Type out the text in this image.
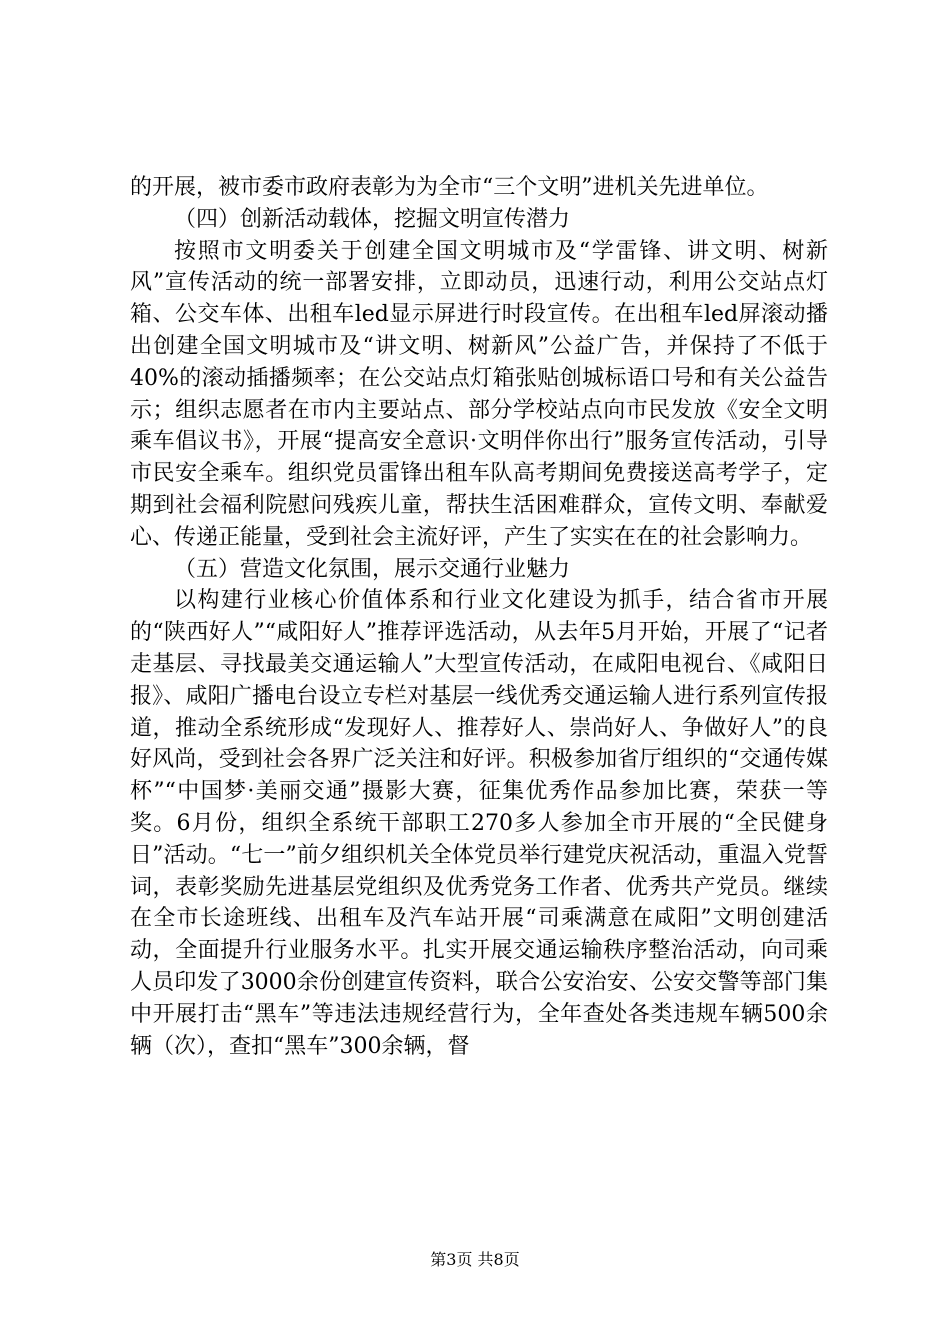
的开展，被市委市政府表彰为为全市“三个文明”进机关先进单位。

（四）创新活动载体，挖掘文明宣传潜力

按照市文明委关于创建全国文明城市及“学雷锋、讲文明、树新风”宣传活动的统一部署安排，立即动员，迅速行动，利用公交站点灯箱、公交车体、出租车led显示屏进行时段宣传。在出租车led屏滚动播出创建全国文明城市及“讲文明、树新风”公益广告，并保持了不低于40%的滚动插播频率；在公交站点灯箱张贴创城标语口号和有关公益告示；组织志愿者在市内主要站点、部分学校站点向市民发放《安全文明乘车倡议书》，开展“提高安全意识·文明伴你出行”服务宣传活动，引导市民安全乘车。组织党员雷锋出租车队高考期间免费接送高考学子，定期到社会福利院慰问残疾儿童，帮扶生活困难群众，宣传文明、奉献爱心、传递正能量，受到社会主流好评，产生了实实在在的社会影响力。

（五）营造文化氛围，展示交通行业魅力

以构建行业核心价值体系和行业文化建设为抓手，结合省市开展的“陕西好人”“咸阳好人”推荐评选活动，从去年5月开始，开展了“记者走基层、寻找最美交通运输人”大型宣传活动，在咸阳电视台、《咸阳日报》、咸阳广播电台设立专栏对基层一线优秀交通运输人进行系列宣传报道，推动全系统形成“发现好人、推荐好人、崇尚好人、争做好人”的良好风尚，受到社会各界广泛关注和好评。积极参加省厅组织的“交通传媒杯”“中国梦·美丽交通”摄影大赛，征集优秀作品参加比赛，荣获一等奖。6月份，组织全系统干部职工270多人参加全市开展的“全民健身日”活动。“七一”前夕组织机关全体党员举行建党庆祝活动，重温入党誓词，表彰奖励先进基层党组织及优秀党务工作者、优秀共产党员。继续在全市长途班线、出租车及汽车站开展“司乘满意在咸阳”文明创建活动，全面提升行业服务水平。扎实开展交通运输秩序整治活动，向司乘人员印发了3000余份创建宣传资料，联合公安治安、公安交警等部门集中开展打击“黑车”等违法违规经营行为，全年查处各类违规车辆500余辆（次），查扣“黑车”300余辆，督

第3页 共8页
